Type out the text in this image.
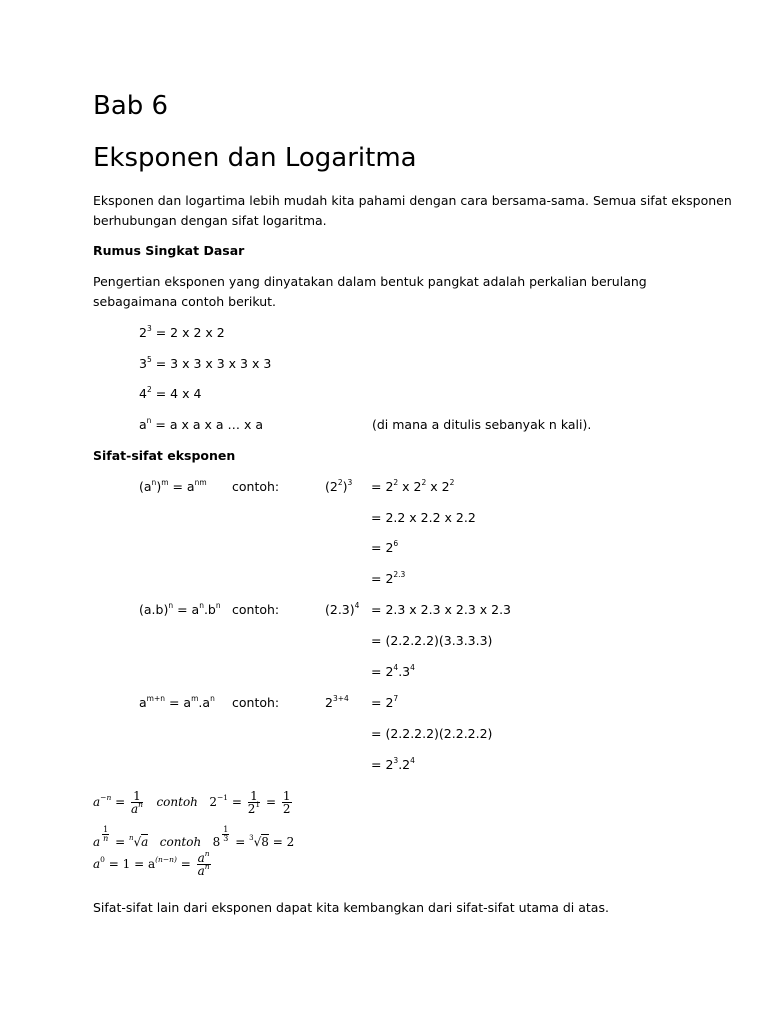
Bab 6
Eksponen dan Logaritma
Eksponen dan logartima lebih mudah kita pahami dengan cara bersama-sama. Semua sifat eksponen
berhubungan dengan sifat logaritma.
Rumus Singkat Dasar
Pengertian eksponen yang dinyatakan dalam bentuk pangkat adalah perkalian berulang
sebagaimana contoh berikut.
$2^3 = 2$ x 2 x 2
$3^5 = 3$ x 3 x 3 x 3 x 3
$4^2 = 4$ x 4
$a^n = a$ x a x a … x a	(di mana a ditulis sebanyak n kali).
Sifat-sifat eksponen
$(a^n)^m = a^{nm}$ contoh:	$(2^2)^3 = 2^2$ x $2^2$ x $2^2$
= 2.2 x 2.2 x 2.2
= $2^6$
= $2^{2.3}$
$(a.b)^n = a^n.b^n$ contoh:	$(2.3)^4 = 2.3$ x 2.3 x 2.3 x 2.3
= (2.2.2.2)(3.3.3.3)
= $2^4.3^4$
$a^{m+n} = a^m.a^n$ contoh:	$2^{3+4} = 2^7$
= (2.2.2.2)(2.2.2.2)
= $2^3.2^4$
$a^{-n} = \frac{1}{a^n}$ contoh $2^{-1} = \frac{1}{2^1} = \frac{1}{2}$
a $\frac{1}{n} = ^n√a$ contoh $8 \frac{1}{3} = ^3√8 = 2$
$a^0 = 1 = a^{(n-n)} = \frac{a^n}{a^n}$
Sifat-sifat lain dari eksponen dapat kita kembangkan dari sifat-sifat utama di atas.
